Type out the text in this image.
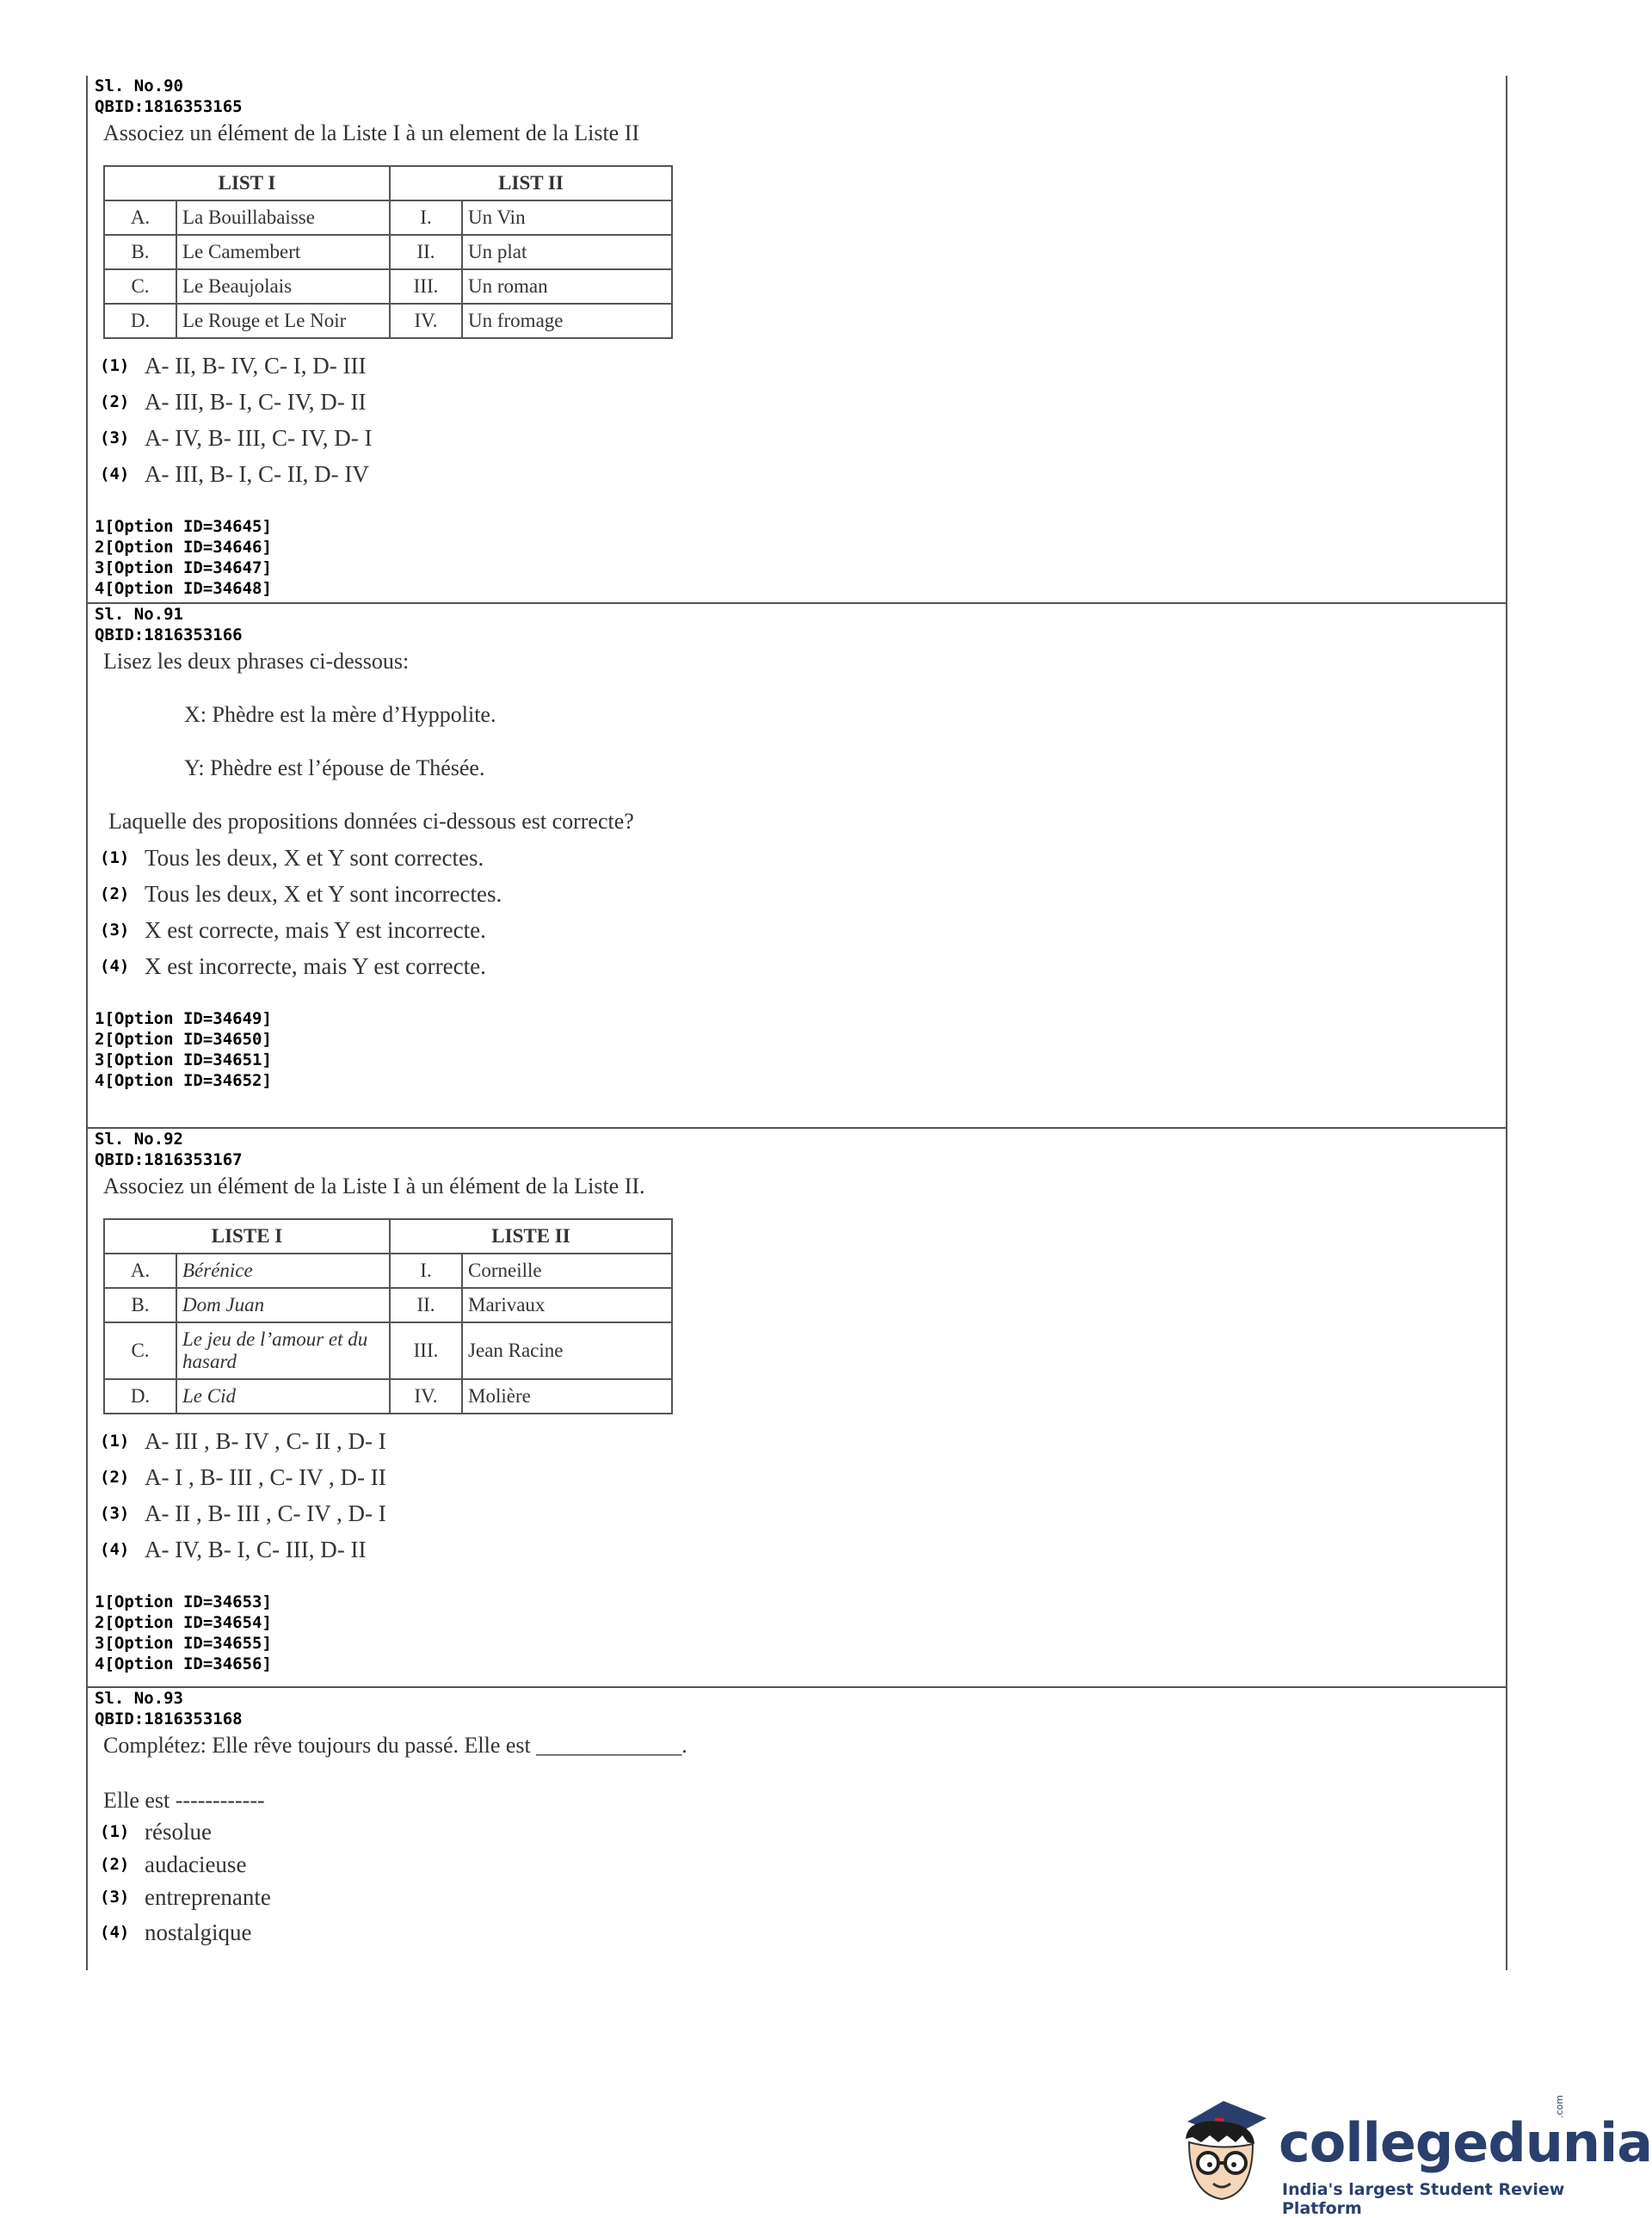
Sl. No.90
QBID:1816353165
Associez un élément de la Liste I à un element de la Liste II
LIST I		LIST II	
A.	La Bouillabaisse	I.	Un Vin
B.	Le Camembert	II.	Un plat
C.	Le Beaujolais	III.	Un roman
D.	Le Rouge et Le Noir	IV.	Un fromage
(1) A- II, B- IV, C- I, D- III
(2) A- III, B- I, C- IV, D- II
(3) A- IV, B- III, C- IV, D- I
(4) A- III, B- I, C- II, D- IV
1[Option ID=34645]
2[Option ID=34646]
3[Option ID=34647]
4[Option ID=34648]
Sl. No.91
QBID:1816353166
Lisez les deux phrases ci-dessous:
X: Phèdre est la mère d’Hyppolite.
Y: Phèdre est l’épouse de Thésée.
Laquelle des propositions données ci-dessous est correcte?
(1) Tous les deux, X et Y sont correctes.
(2) Tous les deux, X et Y sont incorrectes.
(3) X est correcte, mais Y est incorrecte.
(4) X est incorrecte, mais Y est correcte.
1[Option ID=34649]
2[Option ID=34650]
3[Option ID=34651]
4[Option ID=34652]
Sl. No.92
QBID:1816353167
Associez un élément de la Liste I à un élément de la Liste II.
LISTE I		LISTE II	
A.	Bérénice	I.	Corneille
B.	Dom Juan	II.	Marivaux
C.	Le jeu de l’amour et du hasard	III.	Jean Racine
D.	Le Cid	IV.	Molière
(1) A- III , B- IV , C- II , D- I
(2) A- I , B- III , C- IV , D- II
(3) A- II , B- III , C- IV , D- I
(4) A- IV, B- I, C- III, D- II
1[Option ID=34653]
2[Option ID=34654]
3[Option ID=34655]
4[Option ID=34656]
Sl. No.93
QBID:1816353168
Complétez: Elle rêve toujours du passé. Elle est _____________.
Elle est ------------
(1) résolue
(2) audacieuse
(3) entreprenante
(4) nostalgique
collegedunia
.com
India's largest Student Review Platform
